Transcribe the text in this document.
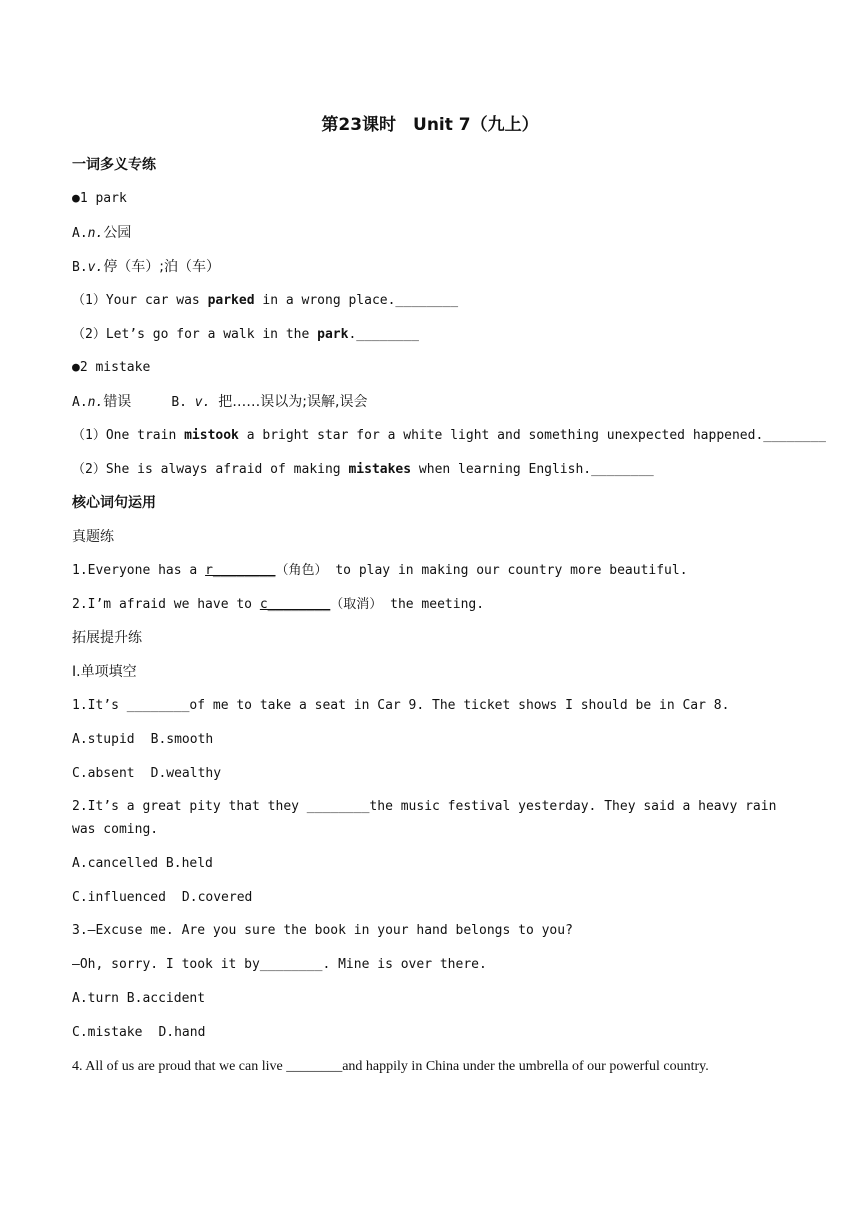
第23课时　Unit 7（九上）
一词多义专练
●1 park
A.n.公园
B.v.停（车）;泊（车）
（1）Your car was parked in a wrong place.________
（2）Let’s go for a walk in the park.________
●2 mistake
A.n.错误	B. v. 把……误以为;误解,误会
（1）One train mistook a bright star for a white light and something unexpected happened.________
（2）She is always afraid of making mistakes when learning English.________
核心词句运用
真题练
1.Everyone has a r________（角色） to play in making our country more beautiful.
2.I’m afraid we have to c________（取消） the meeting.
拓展提升练
Ⅰ.单项填空
1.It’s ________of me to take a seat in Car 9. The ticket shows I should be in Car 8.
A.stupid B.smooth
C.absent D.wealthy
2.It’s a great pity that they ________the music festival yesterday. They said a heavy rain was coming.
A.cancelled B.held
C.influenced D.covered
3.—Excuse me. Are you sure the book in your hand belongs to you?
—Oh, sorry. I took it by________. Mine is over there.
A.turn B.accident
C.mistake D.hand
4. All of us are proud that we can live ________and happily in China under the umbrella of our powerful country.
